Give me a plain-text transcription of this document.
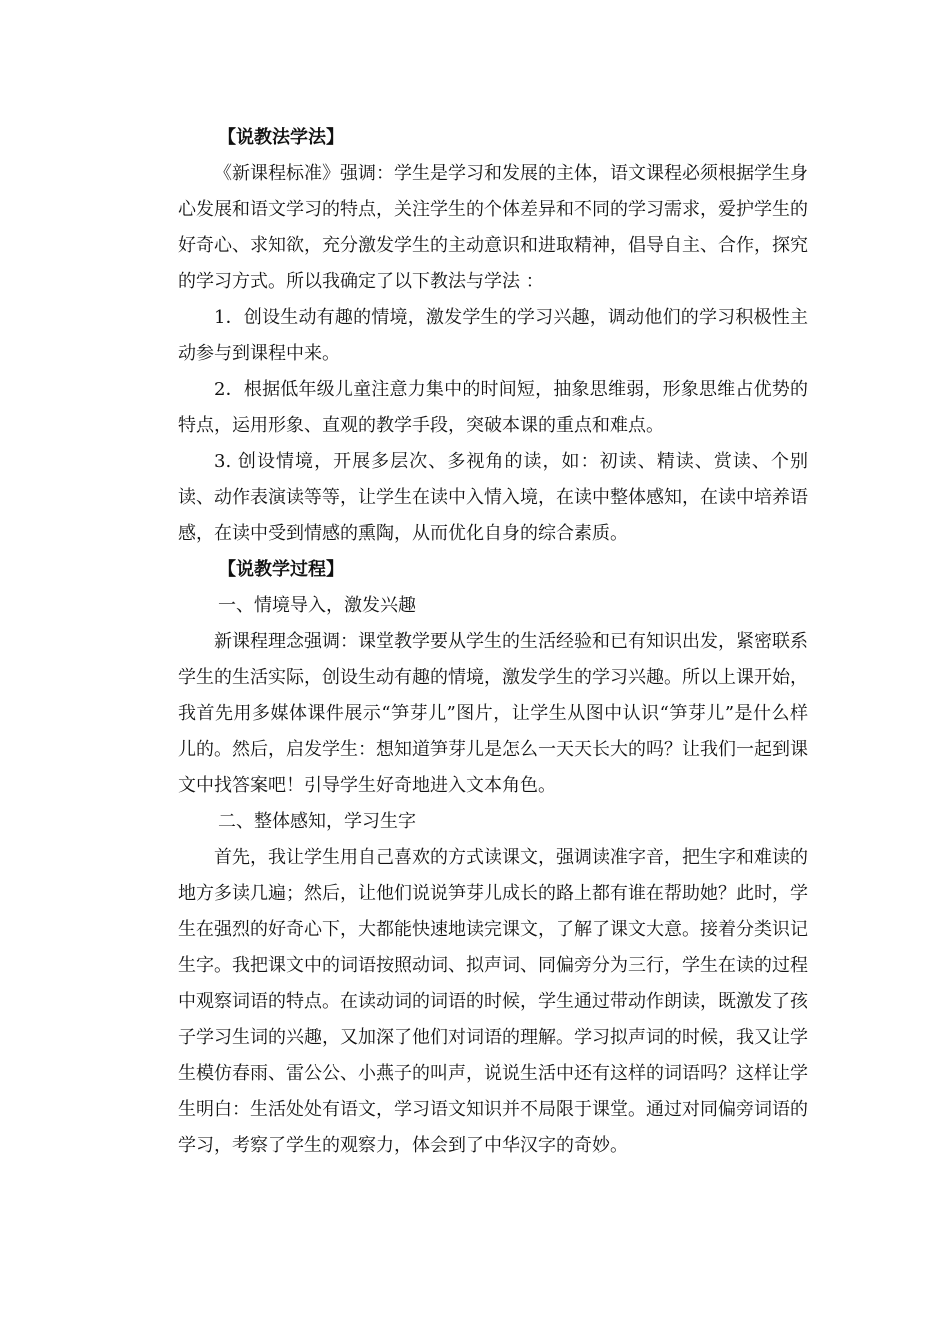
【说教法学法】

《新课程标准》强调：学生是学习和发展的主体，语文课程必须根据学生身心发展和语文学习的特点，关注学生的个体差异和不同的学习需求，爱护学生的好奇心、求知欲，充分激发学生的主动意识和进取精神，倡导自主、合作，探究的学习方式。所以我确定了以下教法与学法 ：

1．创设生动有趣的情境，激发学生的学习兴趣，调动他们的学习积极性主动参与到课程中来。

2．根据低年级儿童注意力集中的时间短，抽象思维弱，形象思维占优势的特点，运用形象、直观的教学手段，突破本课的重点和难点。

3. 创设情境，开展多层次、多视角的读，如：初读、精读、赏读、个别读、动作表演读等等，让学生在读中入情入境，在读中整体感知，在读中培养语感，在读中受到情感的熏陶，从而优化自身的综合素质。

【说教学过程】

一、情境导入，激发兴趣

新课程理念强调：课堂教学要从学生的生活经验和已有知识出发，紧密联系学生的生活实际，创设生动有趣的情境，激发学生的学习兴趣。所以上课开始，我首先用多媒体课件展示“笋芽儿”图片，让学生从图中认识“笋芽儿”是什么样儿的。然后，启发学生：想知道笋芽儿是怎么一天天长大的吗？让我们一起到课文中找答案吧！引导学生好奇地进入文本角色。

二、整体感知，学习生字

首先，我让学生用自己喜欢的方式读课文，强调读准字音，把生字和难读的地方多读几遍；然后，让他们说说笋芽儿成长的路上都有谁在帮助她？此时，学生在强烈的好奇心下，大都能快速地读完课文，了解了课文大意。接着分类识记生字。我把课文中的词语按照动词、拟声词、同偏旁分为三行，学生在读的过程中观察词语的特点。在读动词的词语的时候，学生通过带动作朗读，既激发了孩子学习生词的兴趣，又加深了他们对词语的理解。学习拟声词的时候，我又让学生模仿春雨、雷公公、小燕子的叫声，说说生活中还有这样的词语吗？这样让学生明白：生活处处有语文，学习语文知识并不局限于课堂。通过对同偏旁词语的学习，考察了学生的观察力，体会到了中华汉字的奇妙。
